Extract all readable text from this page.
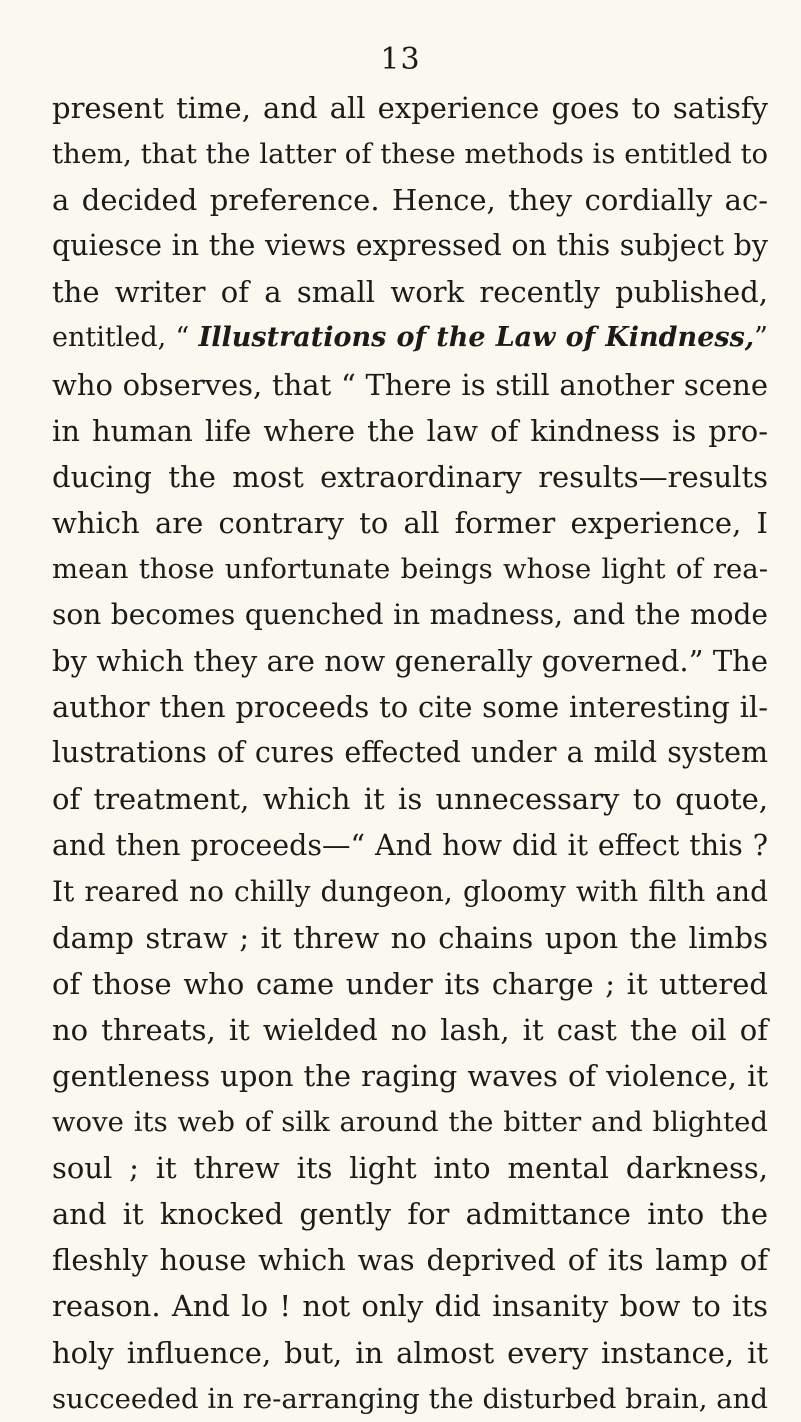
13
present time, and all experience goes to satisfy
them, that the latter of these methods is entitled to
a decided preference. Hence, they cordially ac-
quiesce in the views expressed on this subject by
the writer of a small work recently published,
entitled, “ Illustrations of the Law of Kindness,”
who observes, that “ There is still another scene
in human life where the law of kindness is pro-
ducing the most extraordinary results—results
which are contrary to all former experience, I
mean those unfortunate beings whose light of rea-
son becomes quenched in madness, and the mode
by which they are now generally governed.” The
author then proceeds to cite some interesting il-
lustrations of cures effected under a mild system
of treatment, which it is unnecessary to quote,
and then proceeds—“ And how did it effect this ?
It reared no chilly dungeon, gloomy with filth and
damp straw ; it threw no chains upon the limbs
of those who came under its charge ; it uttered
no threats, it wielded no lash, it cast the oil of
gentleness upon the raging waves of violence, it
wove its web of silk around the bitter and blighted
soul ; it threw its light into mental darkness,
and it knocked gently for admittance into the
fleshly house which was deprived of its lamp of
reason. And lo ! not only did insanity bow to its
holy influence, but, in almost every instance, it
succeeded in re-arranging the disturbed brain, and
